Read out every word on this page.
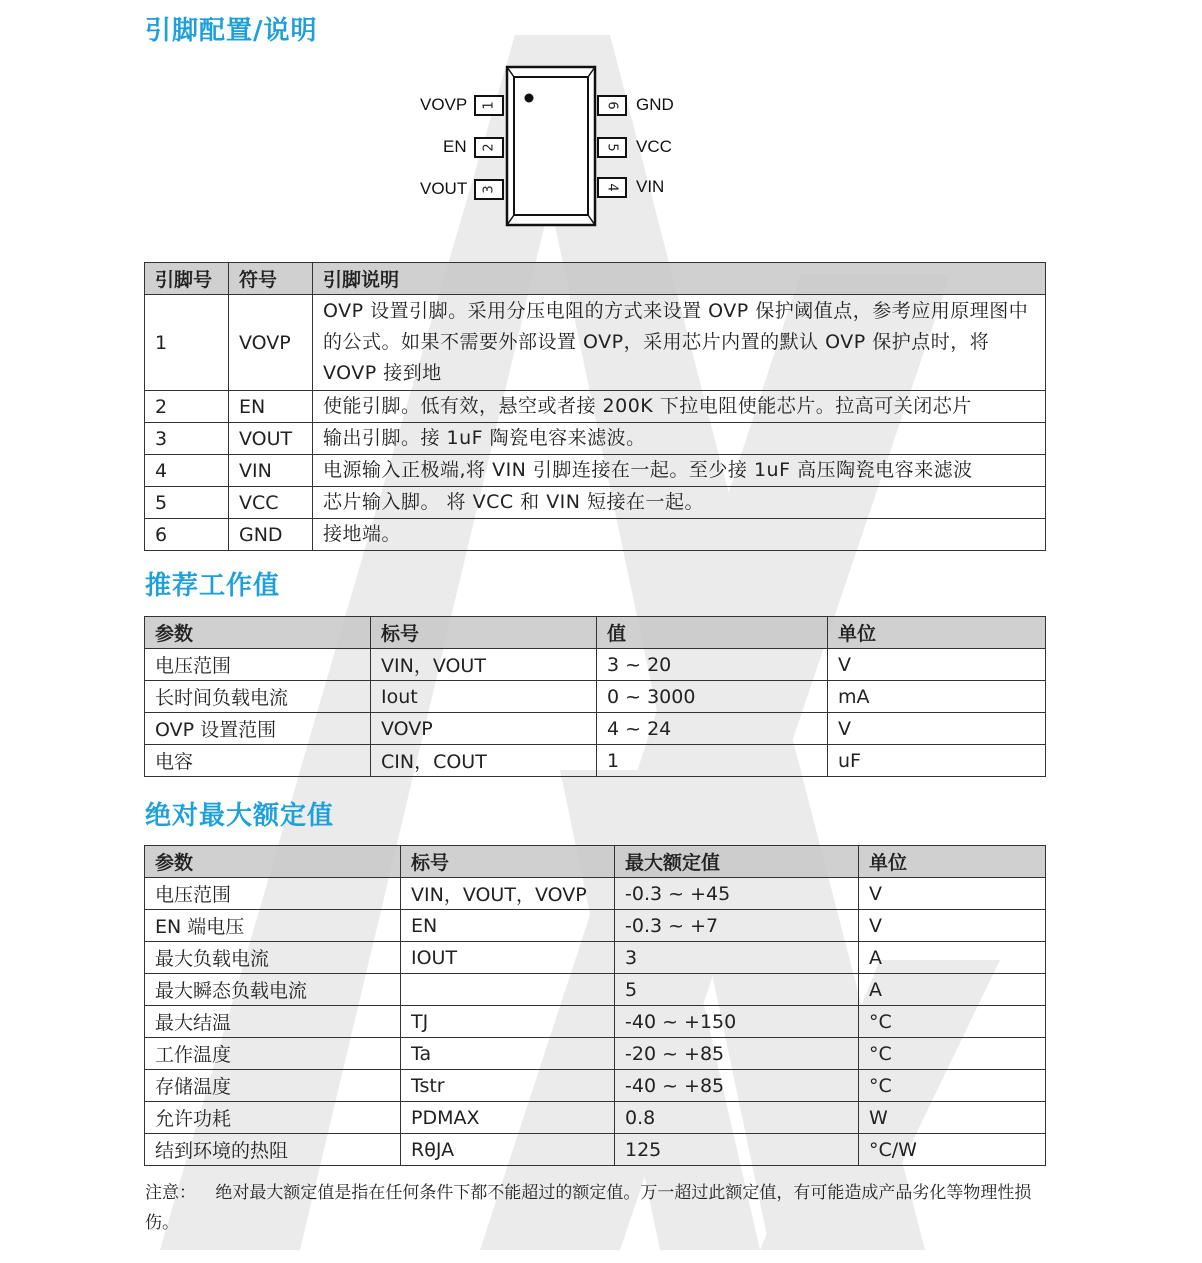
引脚配置/说明
VOVP 1
EN 2
VOUT 3
6 GND
5 VCC
4 VIN
引脚号	符号	引脚说明
1	VOVP	OVP 设置引脚。采用分压电阻的方式来设置 OVP 保护阈值点，参考应用原理图中的公式。如果不需要外部设置 OVP，采用芯片内置的默认 OVP 保护点时，将 VOVP 接到地
2	EN	使能引脚。低有效，悬空或者接 200K 下拉电阻使能芯片。拉高可关闭芯片
3	VOUT	输出引脚。接 1uF 陶瓷电容来滤波。
4	VIN	电源输入正极端,将 VIN 引脚连接在一起。至少接 1uF 高压陶瓷电容来滤波
5	VCC	芯片输入脚。 将 VCC 和 VIN 短接在一起。
6	GND	接地端。
推荐工作值
参数	标号	值	单位
电压范围	VIN，VOUT	3 ~ 20	V
长时间负载电流	Iout	0 ~ 3000	mA
OVP 设置范围	VOVP	4 ~ 24	V
电容	CIN，COUT	1	uF
绝对最大额定值
参数	标号	最大额定值	单位
电压范围	VIN，VOUT，VOVP	-0.3 ~ +45	V
EN 端电压	EN	-0.3 ~ +7	V
最大负载电流	IOUT	3	A
最大瞬态负载电流		5	A
最大结温	TJ	-40 ~ +150	°C
工作温度	Ta	-20 ~ +85	°C
存储温度	Tstr	-40 ~ +85	°C
允许功耗	PDMAX	0.8	W
结到环境的热阻	RθJA	125	°C/W
注意： 绝对最大额定值是指在任何条件下都不能超过的额定值。万一超过此额定值，有可能造成产品劣化等物理性损伤。
